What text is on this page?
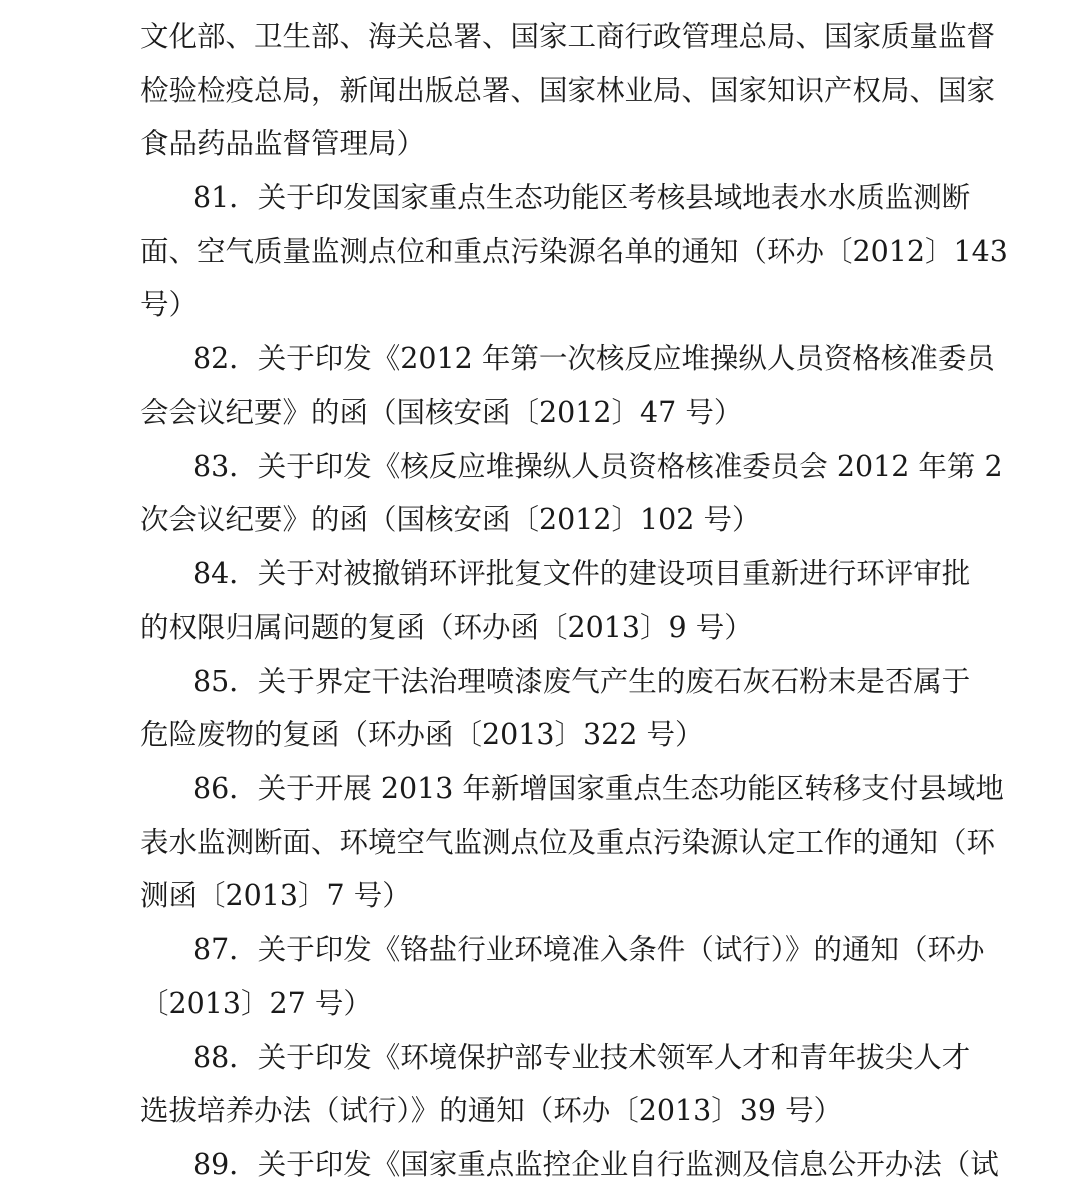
文化部、卫生部、海关总署、国家工商行政管理总局、国家质量监督
检验检疫总局，新闻出版总署、国家林业局、国家知识产权局、国家
食品药品监督管理局）
81．关于印发国家重点生态功能区考核县域地表水水质监测断
面、空气质量监测点位和重点污染源名单的通知（环办〔2012〕143
号）
82．关于印发《2012 年第一次核反应堆操纵人员资格核准委员
会会议纪要》的函（国核安函〔2012〕47 号）
83．关于印发《核反应堆操纵人员资格核准委员会 2012 年第 2
次会议纪要》的函（国核安函〔2012〕102 号）
84．关于对被撤销环评批复文件的建设项目重新进行环评审批
的权限归属问题的复函（环办函〔2013〕9 号）
85．关于界定干法治理喷漆废气产生的废石灰石粉末是否属于
危险废物的复函（环办函〔2013〕322 号）
86．关于开展 2013 年新增国家重点生态功能区转移支付县域地
表水监测断面、环境空气监测点位及重点污染源认定工作的通知（环
测函〔2013〕7 号）
87．关于印发《铬盐行业环境准入条件（试行）》的通知（环办
〔2013〕27 号）
88．关于印发《环境保护部专业技术领军人才和青年拔尖人才
选拔培养办法（试行）》的通知（环办〔2013〕39 号）
89．关于印发《国家重点监控企业自行监测及信息公开办法（试
